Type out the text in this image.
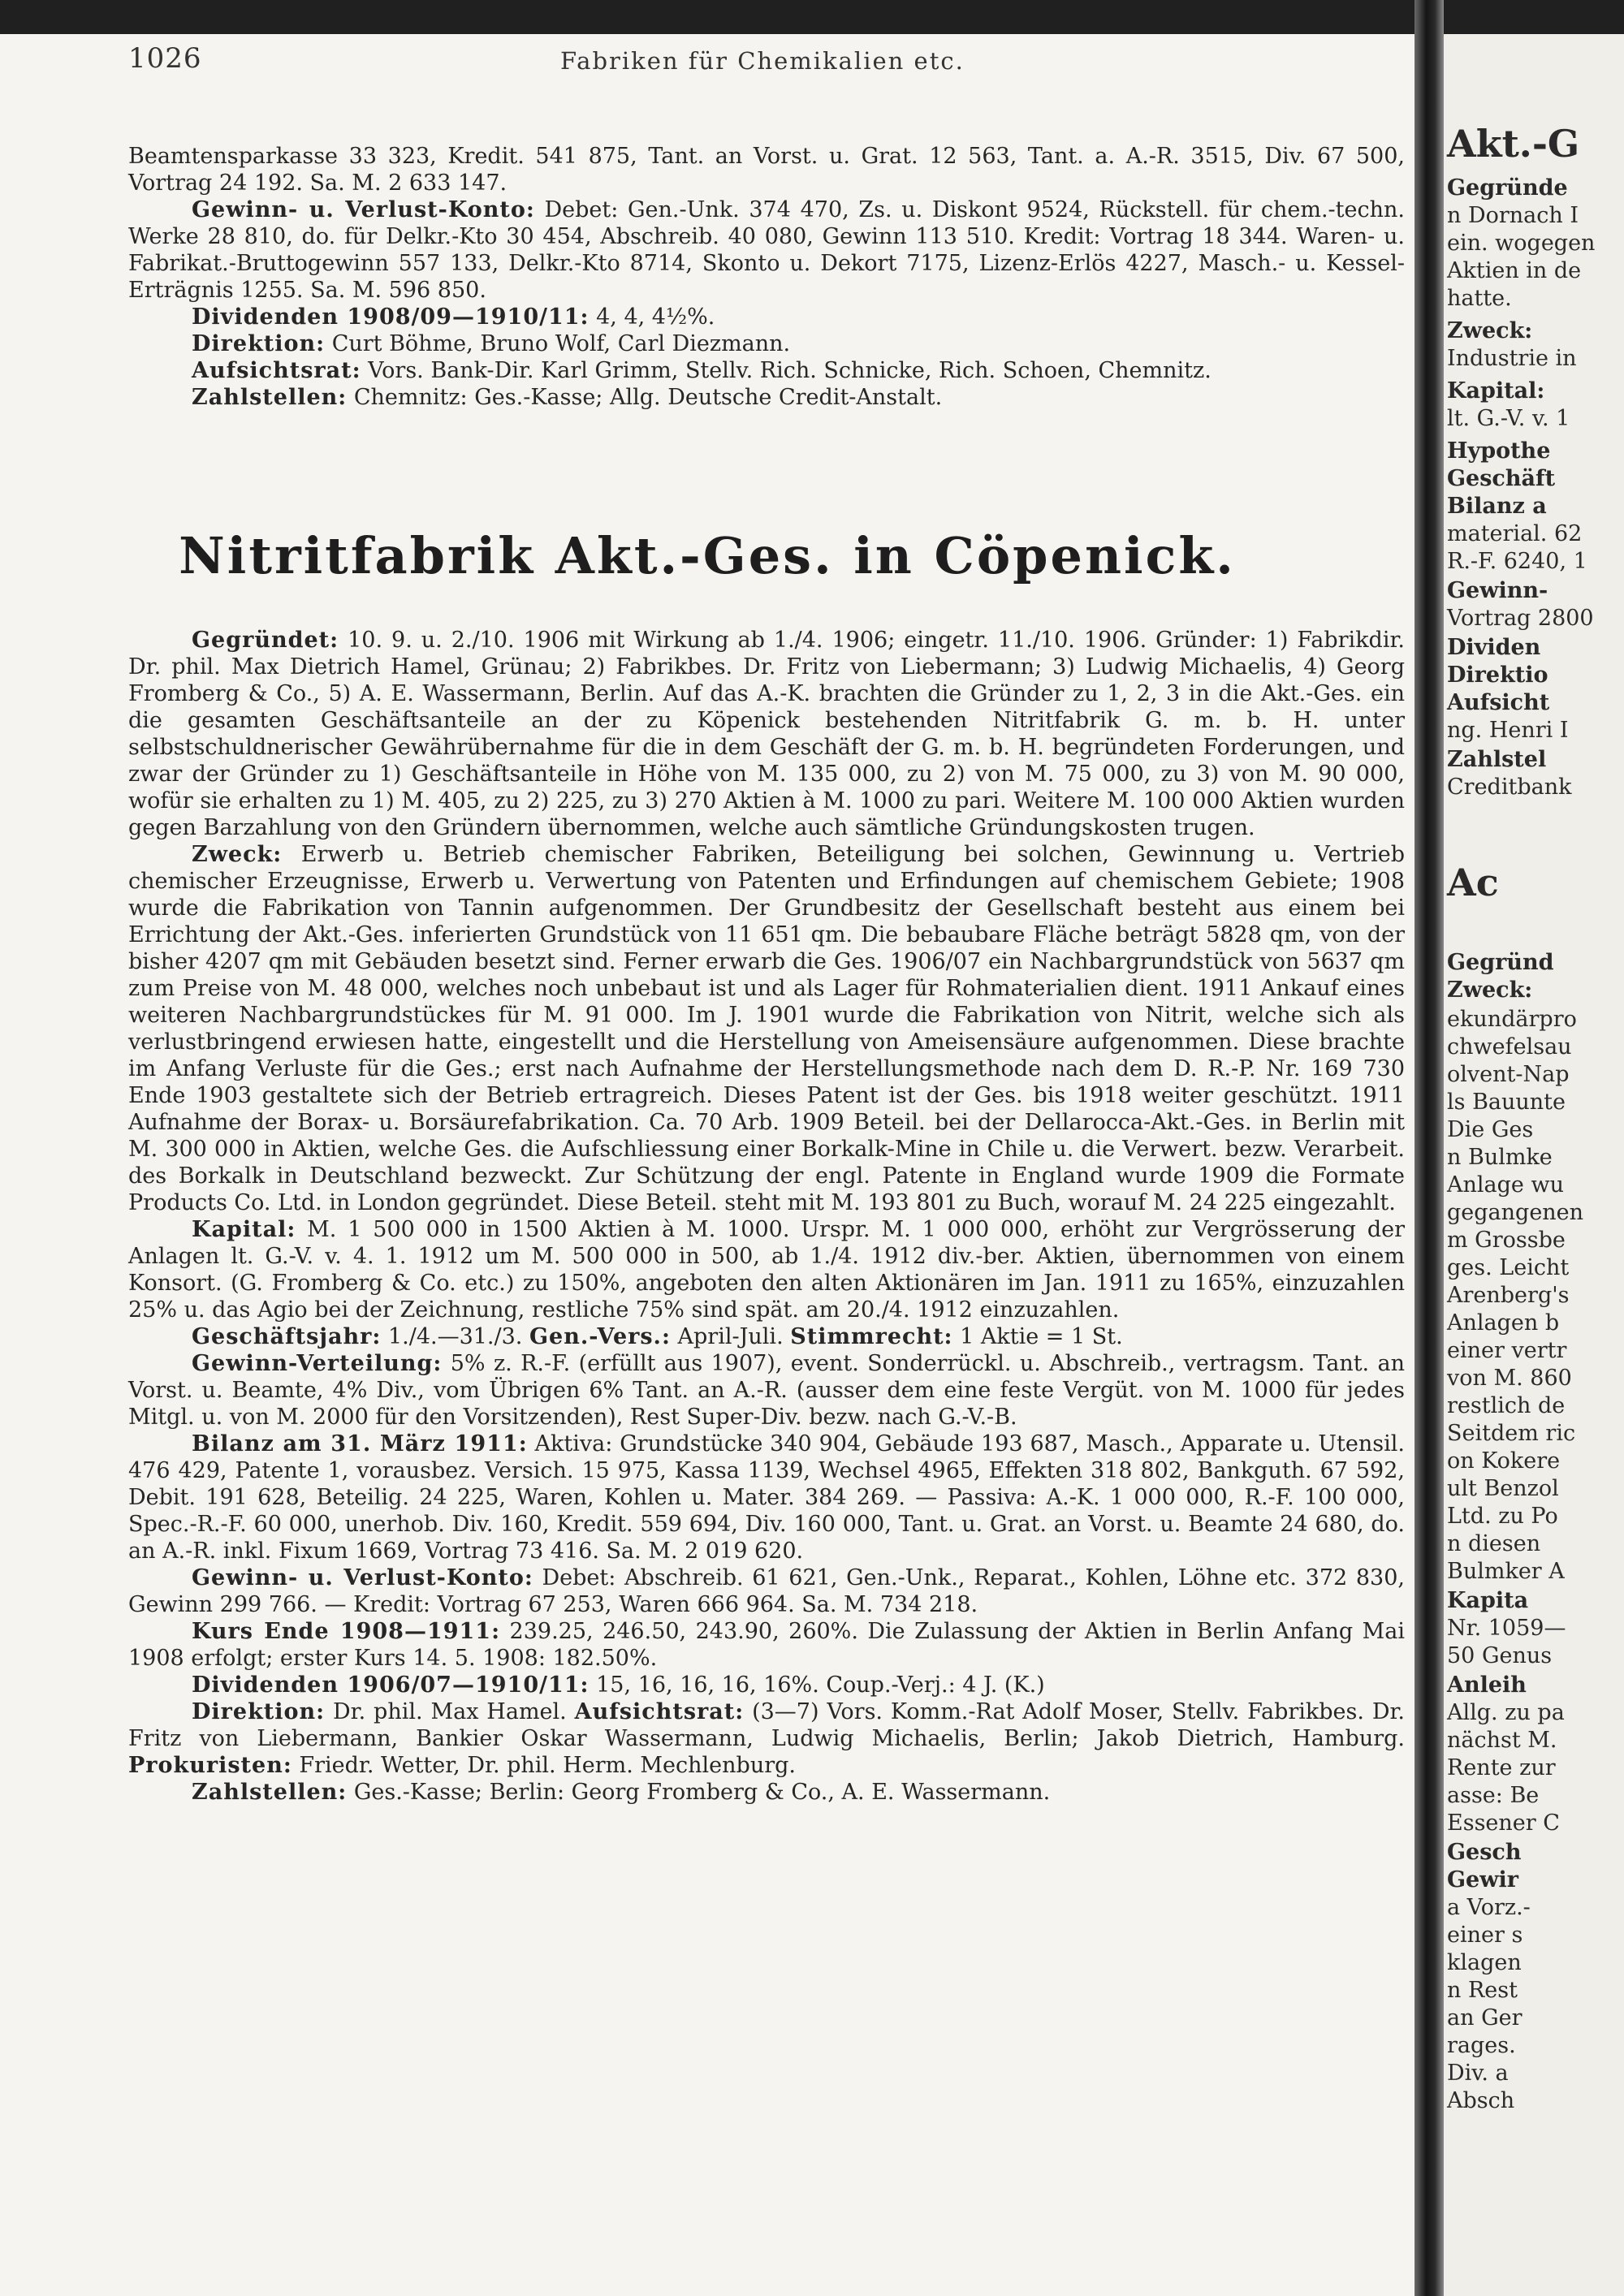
1026	Fabriken für Chemikalien etc.

Beamtensparkasse 33 323, Kredit. 541 875, Tant. an Vorst. u. Grat. 12 563, Tant. a. A.-R. 3515, Div. 67 500, Vortrag 24 192. Sa. M. 2 633 147.

Gewinn- u. Verlust-Konto: Debet: Gen.-Unk. 374 470, Zs. u. Diskont 9524, Rückstell. für chem.-techn. Werke 28 810, do. für Delkr.-Kto 30 454, Abschreib. 40 080, Gewinn 113 510. Kredit: Vortrag 18 344. Waren- u. Fabrikat.-Bruttogewinn 557 133, Delkr.-Kto 8714, Skonto u. Dekort 7175, Lizenz-Erlös 4227, Masch.- u. Kessel-Erträgnis 1255. Sa. M. 596 850.

Dividenden 1908/09—1910/11: 4, 4, 4½%.

Direktion: Curt Böhme, Bruno Wolf, Carl Diezmann.

Aufsichtsrat: Vors. Bank-Dir. Karl Grimm, Stellv. Rich. Schnicke, Rich. Schoen, Chemnitz.

Zahlstellen: Chemnitz: Ges.-Kasse; Allg. Deutsche Credit-Anstalt.

Nitritfabrik Akt.-Ges. in Cöpenick.

Gegründet: 10. 9. u. 2./10. 1906 mit Wirkung ab 1./4. 1906; eingetr. 11./10. 1906. Gründer: 1) Fabrikdir. Dr. phil. Max Dietrich Hamel, Grünau; 2) Fabrikbes. Dr. Fritz von Liebermann; 3) Ludwig Michaelis, 4) Georg Fromberg & Co., 5) A. E. Wassermann, Berlin. Auf das A.-K. brachten die Gründer zu 1, 2, 3 in die Akt.-Ges. ein die gesamten Geschäftsanteile an der zu Köpenick bestehenden Nitritfabrik G. m. b. H. unter selbstschuldnerischer Gewährübernahme für die in dem Geschäft der G. m. b. H. begründeten Forderungen, und zwar der Gründer zu 1) Geschäftsanteile in Höhe von M. 135 000, zu 2) von M. 75 000, zu 3) von M. 90 000, wofür sie erhalten zu 1) M. 405, zu 2) 225, zu 3) 270 Aktien à M. 1000 zu pari. Weitere M. 100 000 Aktien wurden gegen Barzahlung von den Gründern übernommen, welche auch sämtliche Gründungskosten trugen.

Zweck: Erwerb u. Betrieb chemischer Fabriken, Beteiligung bei solchen, Gewinnung u. Vertrieb chemischer Erzeugnisse, Erwerb u. Verwertung von Patenten und Erfindungen auf chemischem Gebiete; 1908 wurde die Fabrikation von Tannin aufgenommen. Der Grundbesitz der Gesellschaft besteht aus einem bei Errichtung der Akt.-Ges. inferierten Grundstück von 11 651 qm. Die bebaubare Fläche beträgt 5828 qm, von der bisher 4207 qm mit Gebäuden besetzt sind. Ferner erwarb die Ges. 1906/07 ein Nachbargrundstück von 5637 qm zum Preise von M. 48 000, welches noch unbebaut ist und als Lager für Rohmaterialien dient. 1911 Ankauf eines weiteren Nachbargrundstückes für M. 91 000. Im J. 1901 wurde die Fabrikation von Nitrit, welche sich als verlustbringend erwiesen hatte, eingestellt und die Herstellung von Ameisensäure aufgenommen. Diese brachte im Anfang Verluste für die Ges.; erst nach Aufnahme der Herstellungsmethode nach dem D. R.-P. Nr. 169 730 Ende 1903 gestaltete sich der Betrieb ertragreich. Dieses Patent ist der Ges. bis 1918 weiter geschützt. 1911 Aufnahme der Borax- u. Borsäurefabrikation. Ca. 70 Arb. 1909 Beteil. bei der Dellarocca-Akt.-Ges. in Berlin mit M. 300 000 in Aktien, welche Ges. die Aufschliessung einer Borkalk-Mine in Chile u. die Verwert. bezw. Verarbeit. des Borkalk in Deutschland bezweckt. Zur Schützung der engl. Patente in England wurde 1909 die Formate Products Co. Ltd. in London gegründet. Diese Beteil. steht mit M. 193 801 zu Buch, worauf M. 24 225 eingezahlt.

Kapital: M. 1 500 000 in 1500 Aktien à M. 1000. Urspr. M. 1 000 000, erhöht zur Vergrösserung der Anlagen lt. G.-V. v. 4. 1. 1912 um M. 500 000 in 500, ab 1./4. 1912 div.-ber. Aktien, übernommen von einem Konsort. (G. Fromberg & Co. etc.) zu 150%, angeboten den alten Aktionären im Jan. 1911 zu 165%, einzuzahlen 25% u. das Agio bei der Zeichnung, restliche 75% sind spät. am 20./4. 1912 einzuzahlen.

Geschäftsjahr: 1./4.—31./3. Gen.-Vers.: April-Juli. Stimmrecht: 1 Aktie = 1 St.

Gewinn-Verteilung: 5% z. R.-F. (erfüllt aus 1907), event. Sonderrückl. u. Abschreib., vertragsm. Tant. an Vorst. u. Beamte, 4% Div., vom Übrigen 6% Tant. an A.-R. (ausser dem eine feste Vergüt. von M. 1000 für jedes Mitgl. u. von M. 2000 für den Vorsitzenden), Rest Super-Div. bezw. nach G.-V.-B.

Bilanz am 31. März 1911: Aktiva: Grundstücke 340 904, Gebäude 193 687, Masch., Apparate u. Utensil. 476 429, Patente 1, vorausbez. Versich. 15 975, Kassa 1139, Wechsel 4965, Effekten 318 802, Bankguth. 67 592, Debit. 191 628, Beteilig. 24 225, Waren, Kohlen u. Mater. 384 269. — Passiva: A.-K. 1 000 000, R.-F. 100 000, Spec.-R.-F. 60 000, unerhob. Div. 160, Kredit. 559 694, Div. 160 000, Tant. u. Grat. an Vorst. u. Beamte 24 680, do. an A.-R. inkl. Fixum 1669, Vortrag 73 416. Sa. M. 2 019 620.

Gewinn- u. Verlust-Konto: Debet: Abschreib. 61 621, Gen.-Unk., Reparat., Kohlen, Löhne etc. 372 830, Gewinn 299 766. — Kredit: Vortrag 67 253, Waren 666 964. Sa. M. 734 218.

Kurs Ende 1908—1911: 239.25, 246.50, 243.90, 260%. Die Zulassung der Aktien in Berlin Anfang Mai 1908 erfolgt; erster Kurs 14. 5. 1908: 182.50%.

Dividenden 1906/07—1910/11: 15, 16, 16, 16, 16%. Coup.-Verj.: 4 J. (K.)

Direktion: Dr. phil. Max Hamel. Aufsichtsrat: (3—7) Vors. Komm.-Rat Adolf Moser, Stellv. Fabrikbes. Dr. Fritz von Liebermann, Bankier Oskar Wassermann, Ludwig Michaelis, Berlin; Jakob Dietrich, Hamburg. Prokuristen: Friedr. Wetter, Dr. phil. Herm. Mechlenburg.

Zahlstellen: Ges.-Kasse; Berlin: Georg Fromberg & Co., A. E. Wassermann.

Akt.-G
Gegründe
n Dornach I
ein. wogegen
Aktien in de
hatte.
Zweck:
Industrie in
Kapital:
lt. G.-V. v. 1
Hypothe
Geschäft
Bilanz a
material. 62
R.-F. 6240, 1
Gewinn-
Vortrag 2800
Dividen
Direktio
Aufsicht
ng. Henri I
Zahlstel
Creditbank
Ac
Gegründ
Zweck:
ekundärpro
chwefelsau
olvent-Nap
ls Bauunte
Die Ges
n Bulmke
Anlage wu
gegangenen
m Grossbe
ges. Leicht
Arenberg's
Anlagen b
einer vertr
von M. 860
restlich de
Seitdem ric
on Kokere
ult Benzol
Ltd. zu Po
n diesen
Bulmker A
Kapita
Nr. 1059—
50 Genus
Anleih
Allg. zu pa
nächst M.
Rente zur
asse: Be
Essener C
Gesch
Gewir
a Vorz.-
einer s
klagen
n Rest
an Ger
rages.
Div. a
Absch
